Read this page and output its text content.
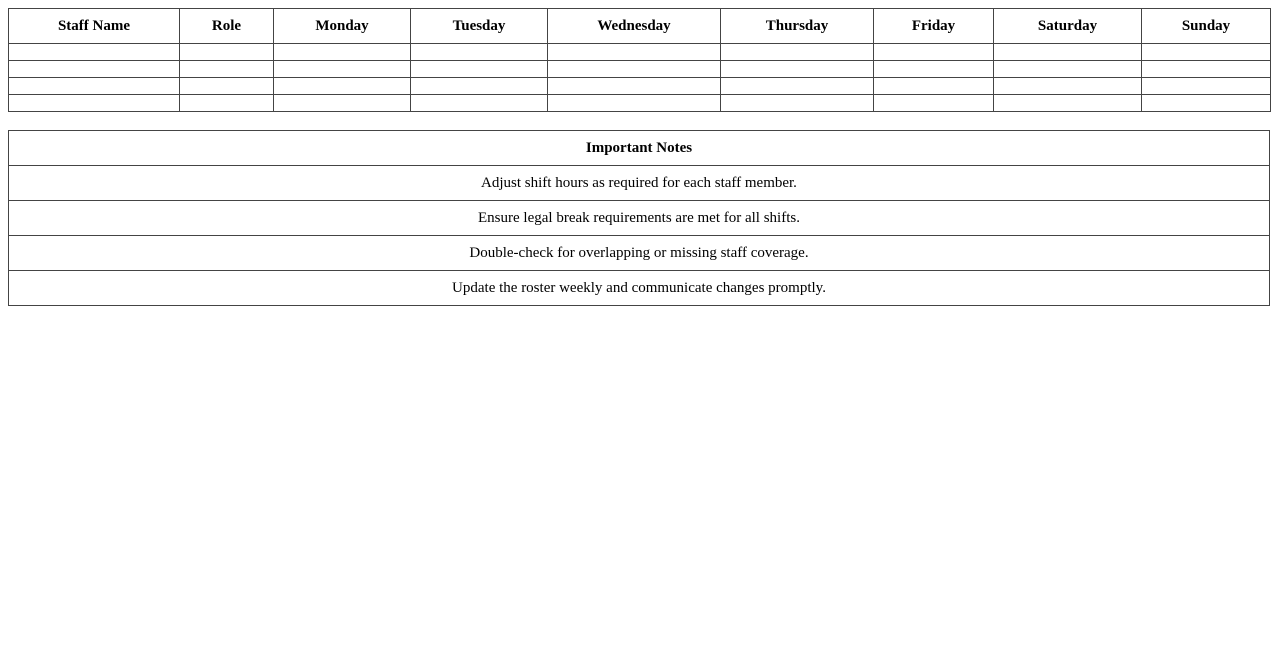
Staff Name	Role	Monday	Tuesday	Wednesday	Thursday	Friday	Saturday	Sunday

Important Notes
Adjust shift hours as required for each staff member.
Ensure legal break requirements are met for all shifts.
Double-check for overlapping or missing staff coverage.
Update the roster weekly and communicate changes promptly.
